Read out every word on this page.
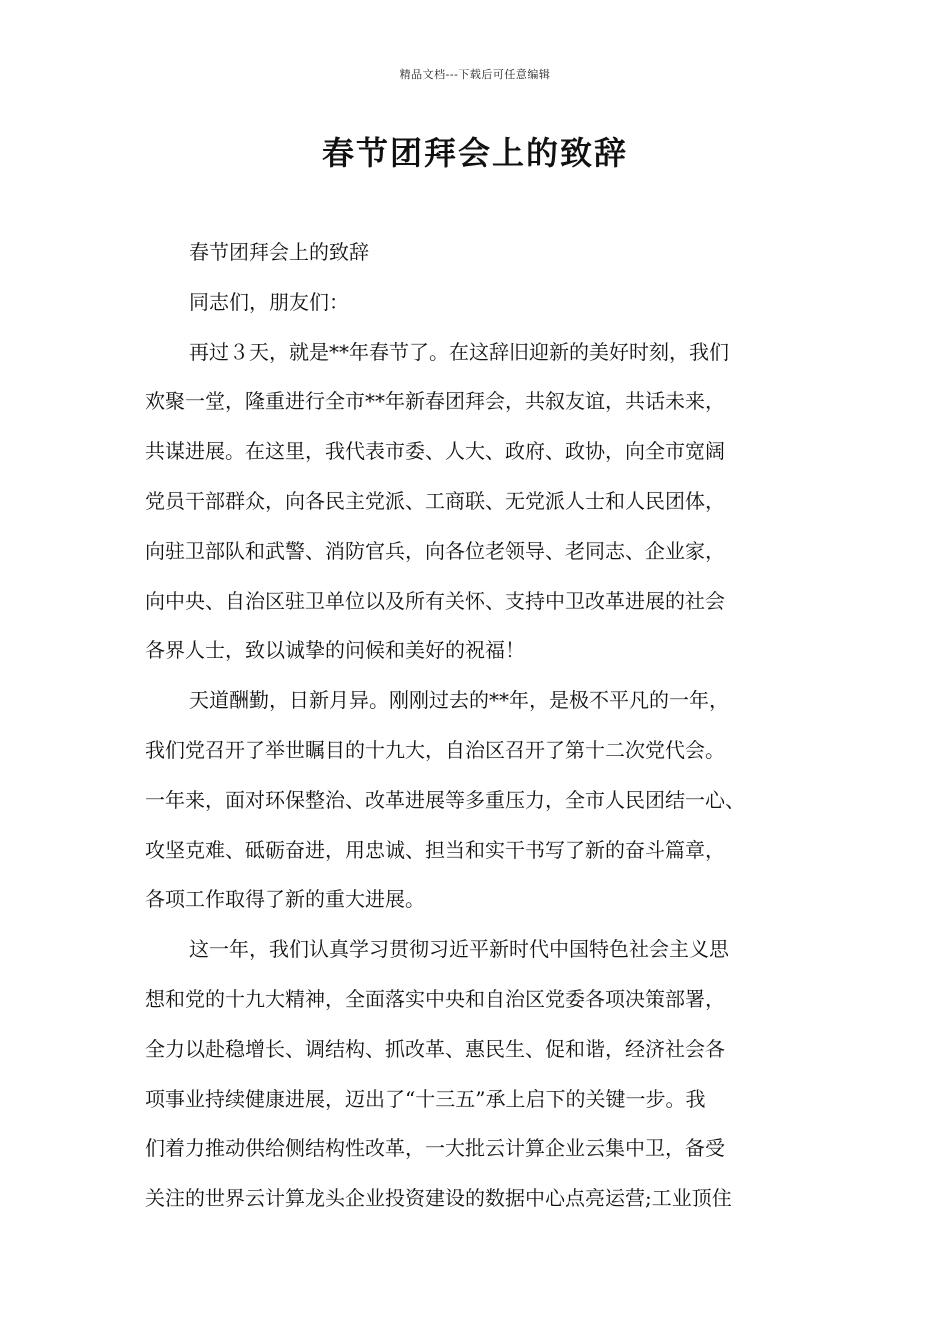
精品文档---下载后可任意编辑
春节团拜会上的致辞
春节团拜会上的致辞
同志们，朋友们：
再过３天，就是**年春节了。在这辞旧迎新的美好时刻，我们
欢聚一堂，隆重进行全市**年新春团拜会，共叙友谊，共话未来，
共谋进展。在这里，我代表市委、人大、政府、政协，向全市宽阔
党员干部群众，向各民主党派、工商联、无党派人士和人民团体，
向驻卫部队和武警、消防官兵，向各位老领导、老同志、企业家，
向中央、自治区驻卫单位以及所有关怀、支持中卫改革进展的社会
各界人士，致以诚挚的问候和美好的祝福！
天道酬勤，日新月异。刚刚过去的**年，是极不平凡的一年，
我们党召开了举世瞩目的十九大，自治区召开了第十二次党代会。
一年来，面对环保整治、改革进展等多重压力，全市人民团结一心、
攻坚克难、砥砺奋进，用忠诚、担当和实干书写了新的奋斗篇章，
各项工作取得了新的重大进展。
这一年，我们认真学习贯彻习近平新时代中国特色社会主义思
想和党的十九大精神，全面落实中央和自治区党委各项决策部署，
全力以赴稳增长、调结构、抓改革、惠民生、促和谐，经济社会各
项事业持续健康进展，迈出了“十三五”承上启下的关键一步。我
们着力推动供给侧结构性改革，一大批云计算企业云集中卫，备受
关注的世界云计算龙头企业投资建设的数据中心点亮运营;工业顶住
